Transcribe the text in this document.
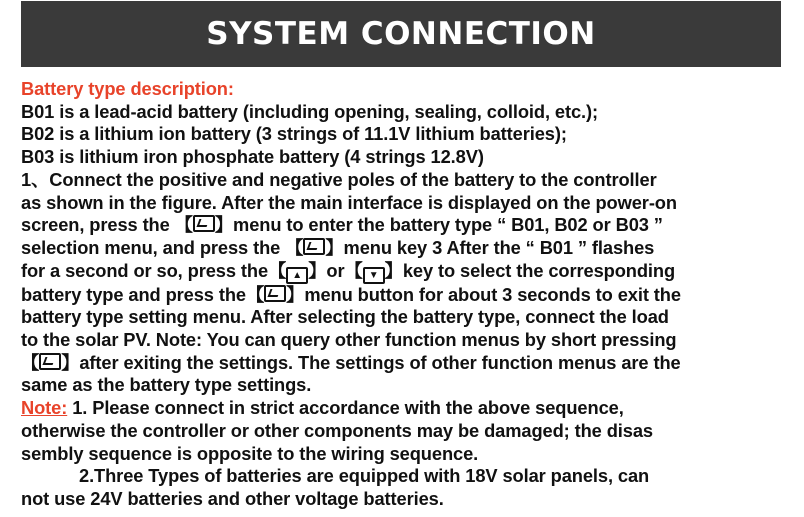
SYSTEM CONNECTION
Battery type description:
B01 is a lead-acid battery (including opening, sealing, colloid, etc.);
B02 is a lithium ion battery (3 strings of 11.1V lithium batteries);
B03 is lithium iron phosphate battery (4 strings 12.8V)
1、Connect the positive and negative poles of the battery to the controller
as shown in the figure. After the main interface is displayed on the power-on
screen, press the 【 】menu to enter the battery type “ B01, B02 or B03 ”
selection menu, and press the 【 】menu key 3 After the “ B01 ” flashes
for a second or so, press the【 ▲ 】or【 ▼ 】key to select the corresponding
battery type and press the【 】menu button for about 3 seconds to exit the
battery type setting menu. After selecting the battery type, connect the load
to the solar PV. Note: You can query other function menus by short pressing
【 】after exiting the settings. The settings of other function menus are the
same as the battery type settings.
Note: 1. Please connect in strict accordance with the above sequence,
otherwise the controller or other components may be damaged; the disas
sembly sequence is opposite to the wiring sequence.
2.Three Types of batteries are equipped with 18V solar panels, can
not use 24V batteries and other voltage batteries.
